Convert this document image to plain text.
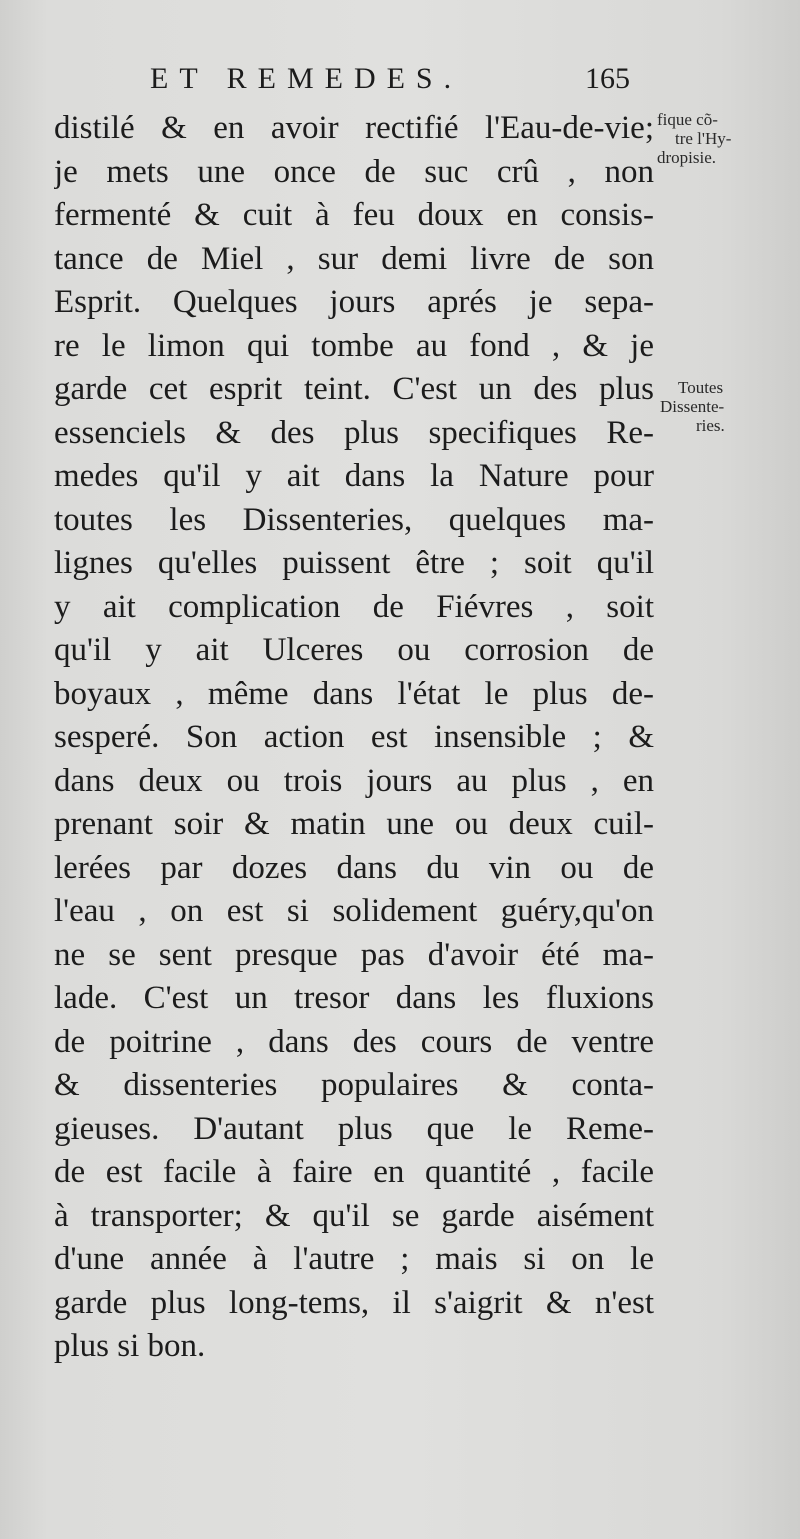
ET REMEDES.	165
distilé & en avoir rectifié l'Eau-de-vie;
je mets une once de suc crû , non
fermenté & cuit à feu doux en consis-
tance de Miel , sur demi livre de son
Esprit. Quelques jours aprés je sepa-
re le limon qui tombe au fond , & je
garde cet esprit teint. C'est un des plus
essenciels & des plus specifiques Re-
medes qu'il y ait dans la Nature pour
toutes les Dissenteries, quelques ma-
lignes qu'elles puissent être ; soit qu'il
y ait complication de Fiévres , soit
qu'il y ait Ulceres ou corrosion de
boyaux , même dans l'état le plus de-
sesperé. Son action est insensible ; &
dans deux ou trois jours au plus , en
prenant soir & matin une ou deux cuil-
lerées par dozes dans du vin ou de
l'eau , on est si solidement guéry,qu'on
ne se sent presque pas d'avoir été ma-
lade. C'est un tresor dans les fluxions
de poitrine , dans des cours de ventre
& dissenteries populaires & conta-
gieuses. D'autant plus que le Reme-
de est facile à faire en quantité , facile
à transporter; & qu'il se garde aisément
d'une année à l'autre ; mais si on le
garde plus long-tems, il s'aigrit & n'est
plus si bon.
fique cõ-
tre l'Hy-
dropisie.
Toutes
Dissente-
ries.
